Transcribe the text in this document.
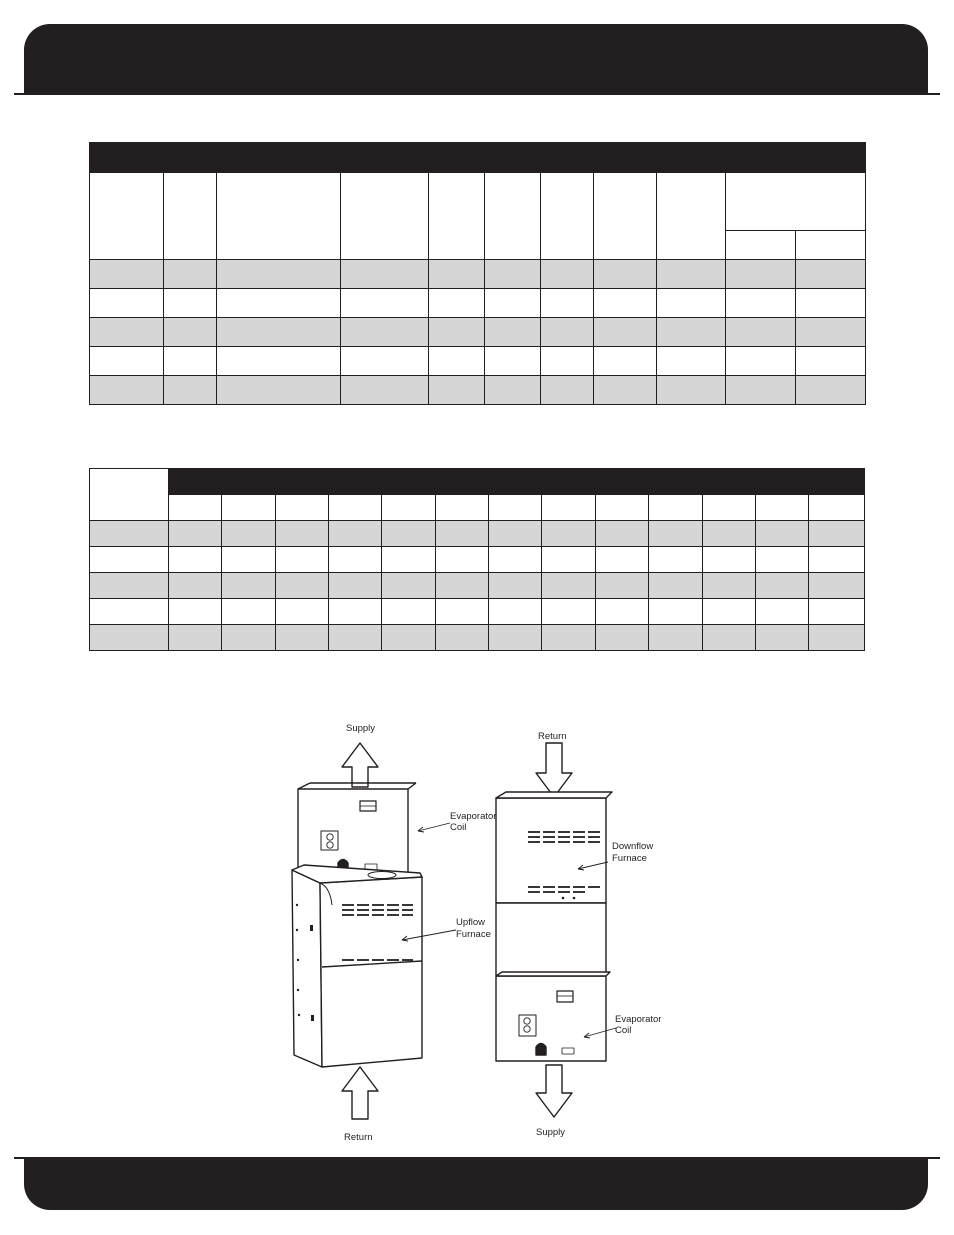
Supply
Evaporator
Coil
Upflow
Furnace
Return
Return
Downflow
Furnace
Evaporator
Coil
Supply
